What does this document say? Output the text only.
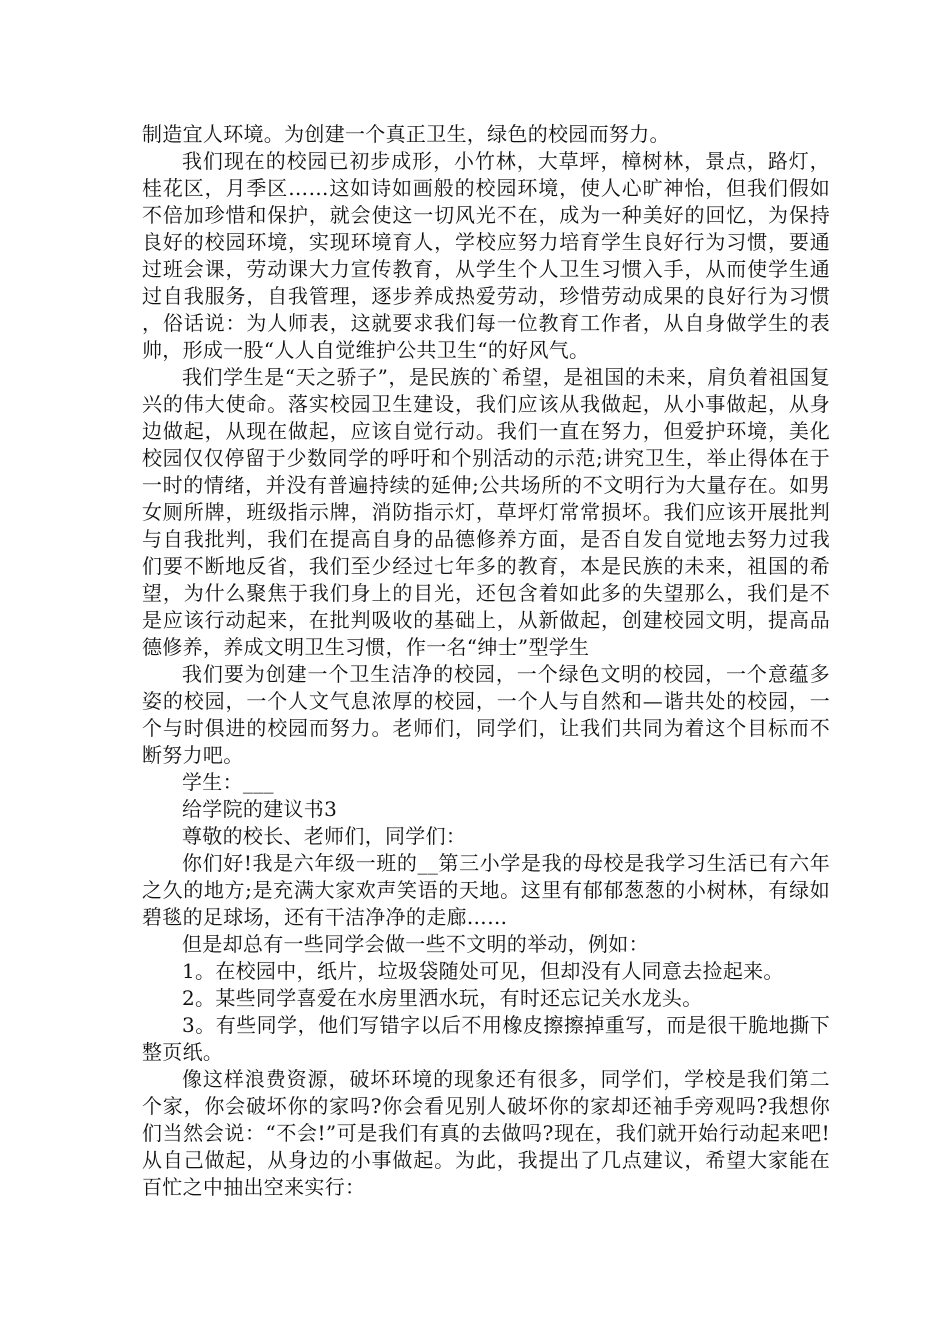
制造宜人环境。为创建一个真正卫生，绿色的校园而努力。

我们现在的校园已初步成形，小竹林，大草坪，樟树林，景点，路灯，桂花区，月季区……这如诗如画般的校园环境，使人心旷神怡，但我们假如不倍加珍惜和保护，就会使这一切风光不在，成为一种美好的回忆，为保持良好的校园环境，实现环境育人，学校应努力培育学生良好行为习惯，要通过班会课，劳动课大力宣传教育，从学生个人卫生习惯入手，从而使学生通过自我服务，自我管理，逐步养成热爱劳动，珍惜劳动成果的良好行为习惯，俗话说：为人师表，这就要求我们每一位教育工作者，从自身做学生的表帅，形成一股“人人自觉维护公共卫生“的好风气。

我们学生是“天之骄子”，是民族的`希望，是祖国的未来，肩负着祖国复兴的伟大使命。落实校园卫生建设，我们应该从我做起，从小事做起，从身边做起，从现在做起，应该自觉行动。我们一直在努力，但爱护环境，美化校园仅仅停留于少数同学的呼吁和个别活动的示范;讲究卫生，举止得体在于一时的情绪，并没有普遍持续的延伸;公共场所的不文明行为大量存在。如男女厕所牌，班级指示牌，消防指示灯，草坪灯常常损坏。我们应该开展批判与自我批判，我们在提高自身的品德修养方面，是否自发自觉地去努力过我们要不断地反省，我们至少经过七年多的教育，本是民族的未来，祖国的希望，为什么聚焦于我们身上的目光，还包含着如此多的失望那么，我们是不是应该行动起来，在批判吸收的基础上，从新做起，创建校园文明，提高品德修养，养成文明卫生习惯，作一名“绅士”型学生

我们要为创建一个卫生洁净的校园，一个绿色文明的校园，一个意蕴多姿的校园，一个人文气息浓厚的校园，一个人与自然和—谐共处的校园，一个与时俱进的校园而努力。老师们，同学们，让我们共同为着这个目标而不断努力吧。

学生：___

给学院的建议书3

尊敬的校长、老师们，同学们：

你们好!我是六年级一班的__第三小学是我的母校是我学习生活已有六年之久的地方;是充满大家欢声笑语的天地。这里有郁郁葱葱的小树林，有绿如碧毯的足球场，还有干洁净净的走廊……

但是却总有一些同学会做一些不文明的举动，例如：

1。在校园中，纸片，垃圾袋随处可见，但却没有人同意去捡起来。

2。某些同学喜爱在水房里洒水玩，有时还忘记关水龙头。

3。有些同学，他们写错字以后不用橡皮擦擦掉重写，而是很干脆地撕下整页纸。

像这样浪费资源，破坏环境的现象还有很多，同学们，学校是我们第二个家，你会破坏你的家吗?你会看见别人破坏你的家却还袖手旁观吗?我想你们当然会说：“不会!”可是我们有真的去做吗?现在，我们就开始行动起来吧!从自己做起，从身边的小事做起。为此，我提出了几点建议，希望大家能在百忙之中抽出空来实行：
